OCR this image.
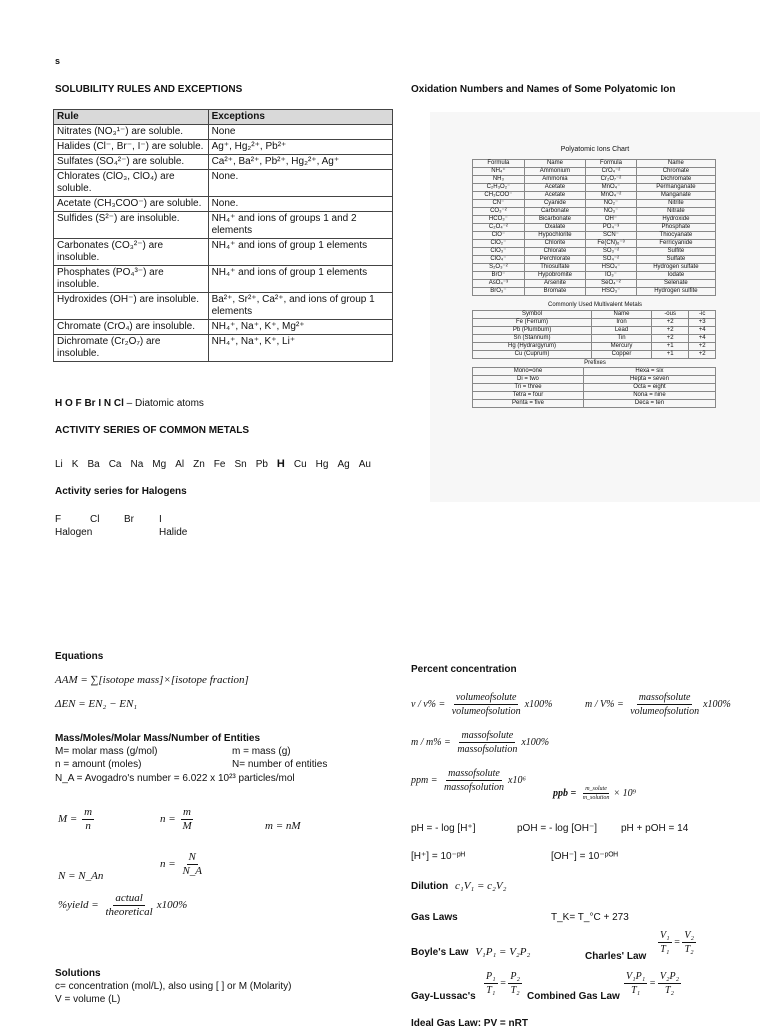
s
SOLUBILITY RULES AND EXCEPTIONS
Rule	Exceptions
Nitrates (NO₃¹⁻) are soluble.	None
Halides (Cl⁻, Br⁻, I⁻) are soluble.	Ag⁺, Hg₂²⁺, Pb²⁺
Sulfates (SO₄²⁻) are soluble.	Ca²⁺, Ba²⁺, Pb²⁺, Hg₂²⁺, Ag⁺
Chlorates (ClO₃, ClO₄) are soluble.	None.
Acetate (CH₃COO⁻) are soluble.	None.
Sulfides (S²⁻) are insoluble.	NH₄⁺ and ions of groups 1 and 2 elements
Carbonates (CO₃²⁻) are insoluble.	NH₄⁺ and ions of group 1 elements
Phosphates (PO₄³⁻) are insoluble.	NH₄⁺ and ions of group 1 elements
Hydroxides (OH⁻) are insoluble.	Ba²⁺, Sr²⁺, Ca²⁺, and ions of group 1 elements
Chromate (CrO₄) are insoluble.	NH₄⁺, Na⁺, K⁺, Mg²⁺
Dichromate (Cr₂O₇) are insoluble.	NH₄⁺, Na⁺, K⁺, Li⁺
H O F Br I N Cl – Diatomic atoms
ACTIVITY SERIES OF COMMON METALS
Li K Ba Ca Na Mg Al Zn Fe Sn Pb H Cu Hg Ag Au
Activity series for Halogens
F	Cl Br	I
Halogen	Halide
Oxidation Numbers and Names of Some Polyatomic Ion
Polyatomic Ions Chart
Formula	Name	Formula	Name
NH₄⁺	Ammonium	CrO₄⁻²	Chromate
NH₃	Ammonia	Cr₂O₇⁻²	Dichromate
C₂H₃O₂⁻	Acetate	MnO₄⁻	Permanganate
CH₃COO⁻	Acetate	MnO₄⁻²	Manganate
CN⁻	Cyanide	NO₂⁻	Nitrite
CO₃⁻²	Carbonate	NO₃⁻	Nitrate
HCO₃⁻	Bicarbonate	OH⁻	Hydroxide
C₂O₄⁻²	Oxalate	PO₄⁻³	Phosphate
ClO⁻	Hypochlorite	SCN⁻	Thiocyanate
ClO₂⁻	Chlorite	Fe(CN)₆⁻³	Ferricyanide
ClO₃⁻	Chlorate	SO₃⁻²	Sulfite
ClO₄⁻	Perchlorate	SO₄⁻²	Sulfate
S₂O₃⁻²	Thiosulfate	HSO₄⁻	Hydrogen sulfate
BrO⁻	Hypobromite	IO₃⁻	Iodate
AsO₄⁻³	Arsenite	SeO₄⁻²	Selenate
BrO₃⁻	Bromate	HSO₃⁻	Hydrogen sulfite
Commonly Used Multivalent Metals
Symbol	Name	-ous	-ic
Fe (Ferrum)	Iron	+2	+3
Pb (Plumbum)	Lead	+2	+4
Sn (Stannum)	Tin	+2	+4
Hg (Hydrargyrum)	Mercury	+1	+2
Cu (Cuprum)	Copper	+1	+2
Prefixes
Mono=one	Hexa = six
Di = two	Hepta = seven
Tri = three	Octa = eight
Tetra = four	Nona = nine
Penta = five	Deca = ten
Equations
AAM = ∑[isotope mass]×[isotope fraction]
ΔEN = EN₂ − EN₁
Mass/Moles/Molar Mass/Number of Entities
M= molar mass (g/mol)	m = mass (g)
n = amount (moles)	N= number of entities
N_A = Avogadro's number = 6.022 x 10²³ particles/mol
$M = \frac{m}{n}$	$n = \frac{m}{M}$	m = nM
$n = \frac{N}{N\_A}$
N = N_An
%yield = $\frac{\text{actual}}{\text{theoretical}} x100\%$
Solutions
c= concentration (mol/L), also using [ ] or M (Molarity)
V = volume (L)
Percent concentration
$v / v\% = \frac{\text{volumeofsolute}}{\text{volumeofsolution}} x100\%$	$m / V\% = \frac{\text{massofsolute}}{\text{volumeofsolution}} x100\%$
$m / m\% = \frac{\text{massofsolute}}{\text{massofsolution}} x100\%$
ppm = $\frac{\text{massofsolute}}{\text{massofsolution}} x10^6$
ppb = $\frac{\text{m\_solute}}{\text{m\_solution}} \times 10^9$
pH = - log [H⁺]	pOH = - log [OH⁻] pH + pOH = 14
[H⁺] = 10⁻ᵖᴴ	[OH⁻] = 10⁻ᵖᴼᴴ
Dilution c₁V₁ = c₂V₂
Gas Laws	T_K= T_°C + 273
Boyle's Law V₁P₁ = V₂P₂	Charles' Law
$\frac{\text{V₁}}{\text{T₁}} = \frac{\text{V₂}}{\text{T₂}}$
Gay-Lussac's $\frac{\text{P₁}}{\text{T₁}} = \frac{\text{P₂}}{\text{T₂}}$ Combined Gas Law $\frac{\text{V₁P₁}}{\text{T₁}} = \frac{\text{V₂P₂}}{\text{T₂}}$
Ideal Gas Law: PV = nRT
